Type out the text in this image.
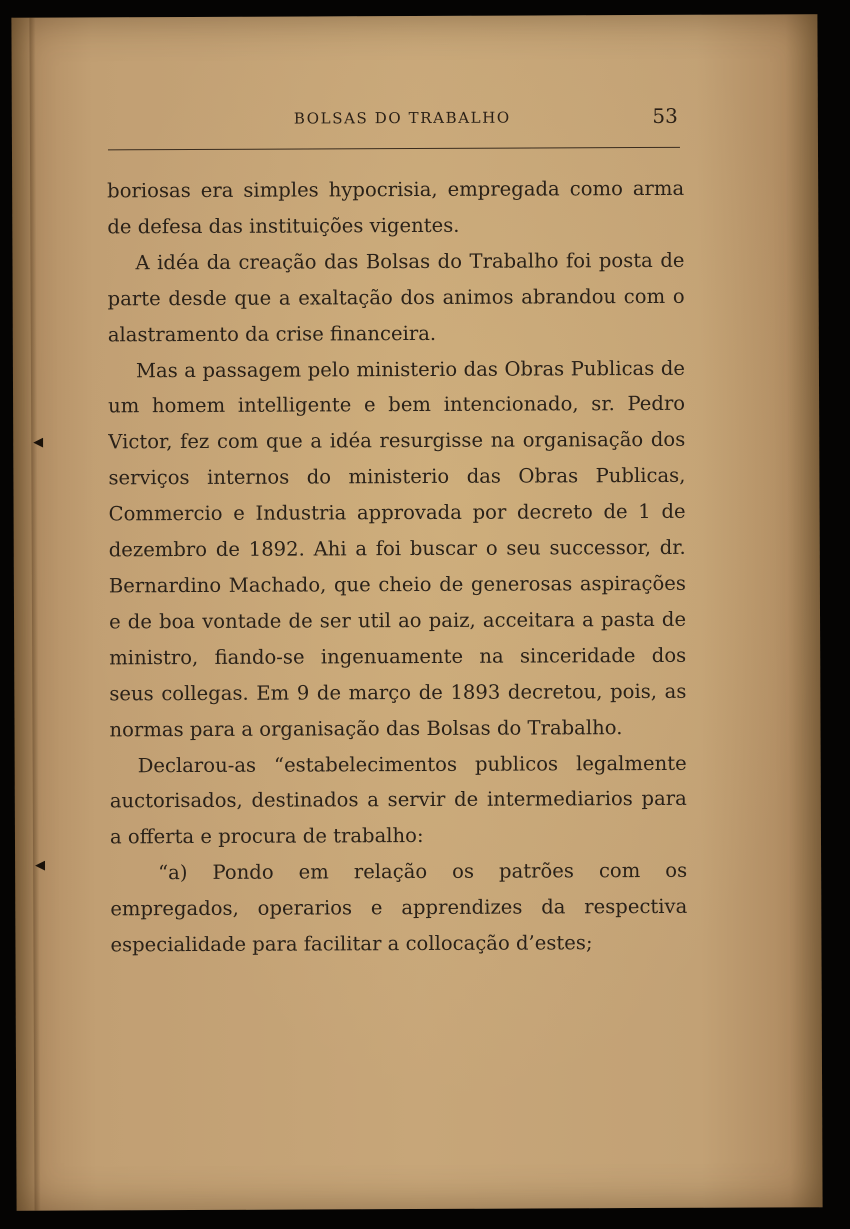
BOLSAS DO TRABALHO	53

boriosas era simples hypocrisia, empregada como arma de defesa das instituições vigentes.

A idéa da creação das Bolsas do Trabalho foi posta de parte desde que a exaltação dos animos abrandou com o alastramento da crise financeira.

Mas a passagem pelo ministerio das Obras Publicas de um homem intelligente e bem intencionado, sr. Pedro Victor, fez com que a idéa resurgisse na organisação dos serviços internos do ministerio das Obras Publicas, Commercio e Industria approvada por decreto de 1 de dezembro de 1892. Ahi a foi buscar o seu successor, dr. Bernardino Machado, que cheio de generosas aspirações e de boa vontade de ser util ao paiz, acceitara a pasta de ministro, fiando-se ingenuamente na sinceridade dos seus collegas. Em 9 de março de 1893 decretou, pois, as normas para a organisação das Bolsas do Trabalho.

Declarou-as “estabelecimentos publicos legalmente auctorisados, destinados a servir de intermediarios para a offerta e procura de trabalho:

“a) Pondo em relação os patrões com os empregados, operarios e apprendizes da respectiva especialidade para facilitar a collocação d’estes;
